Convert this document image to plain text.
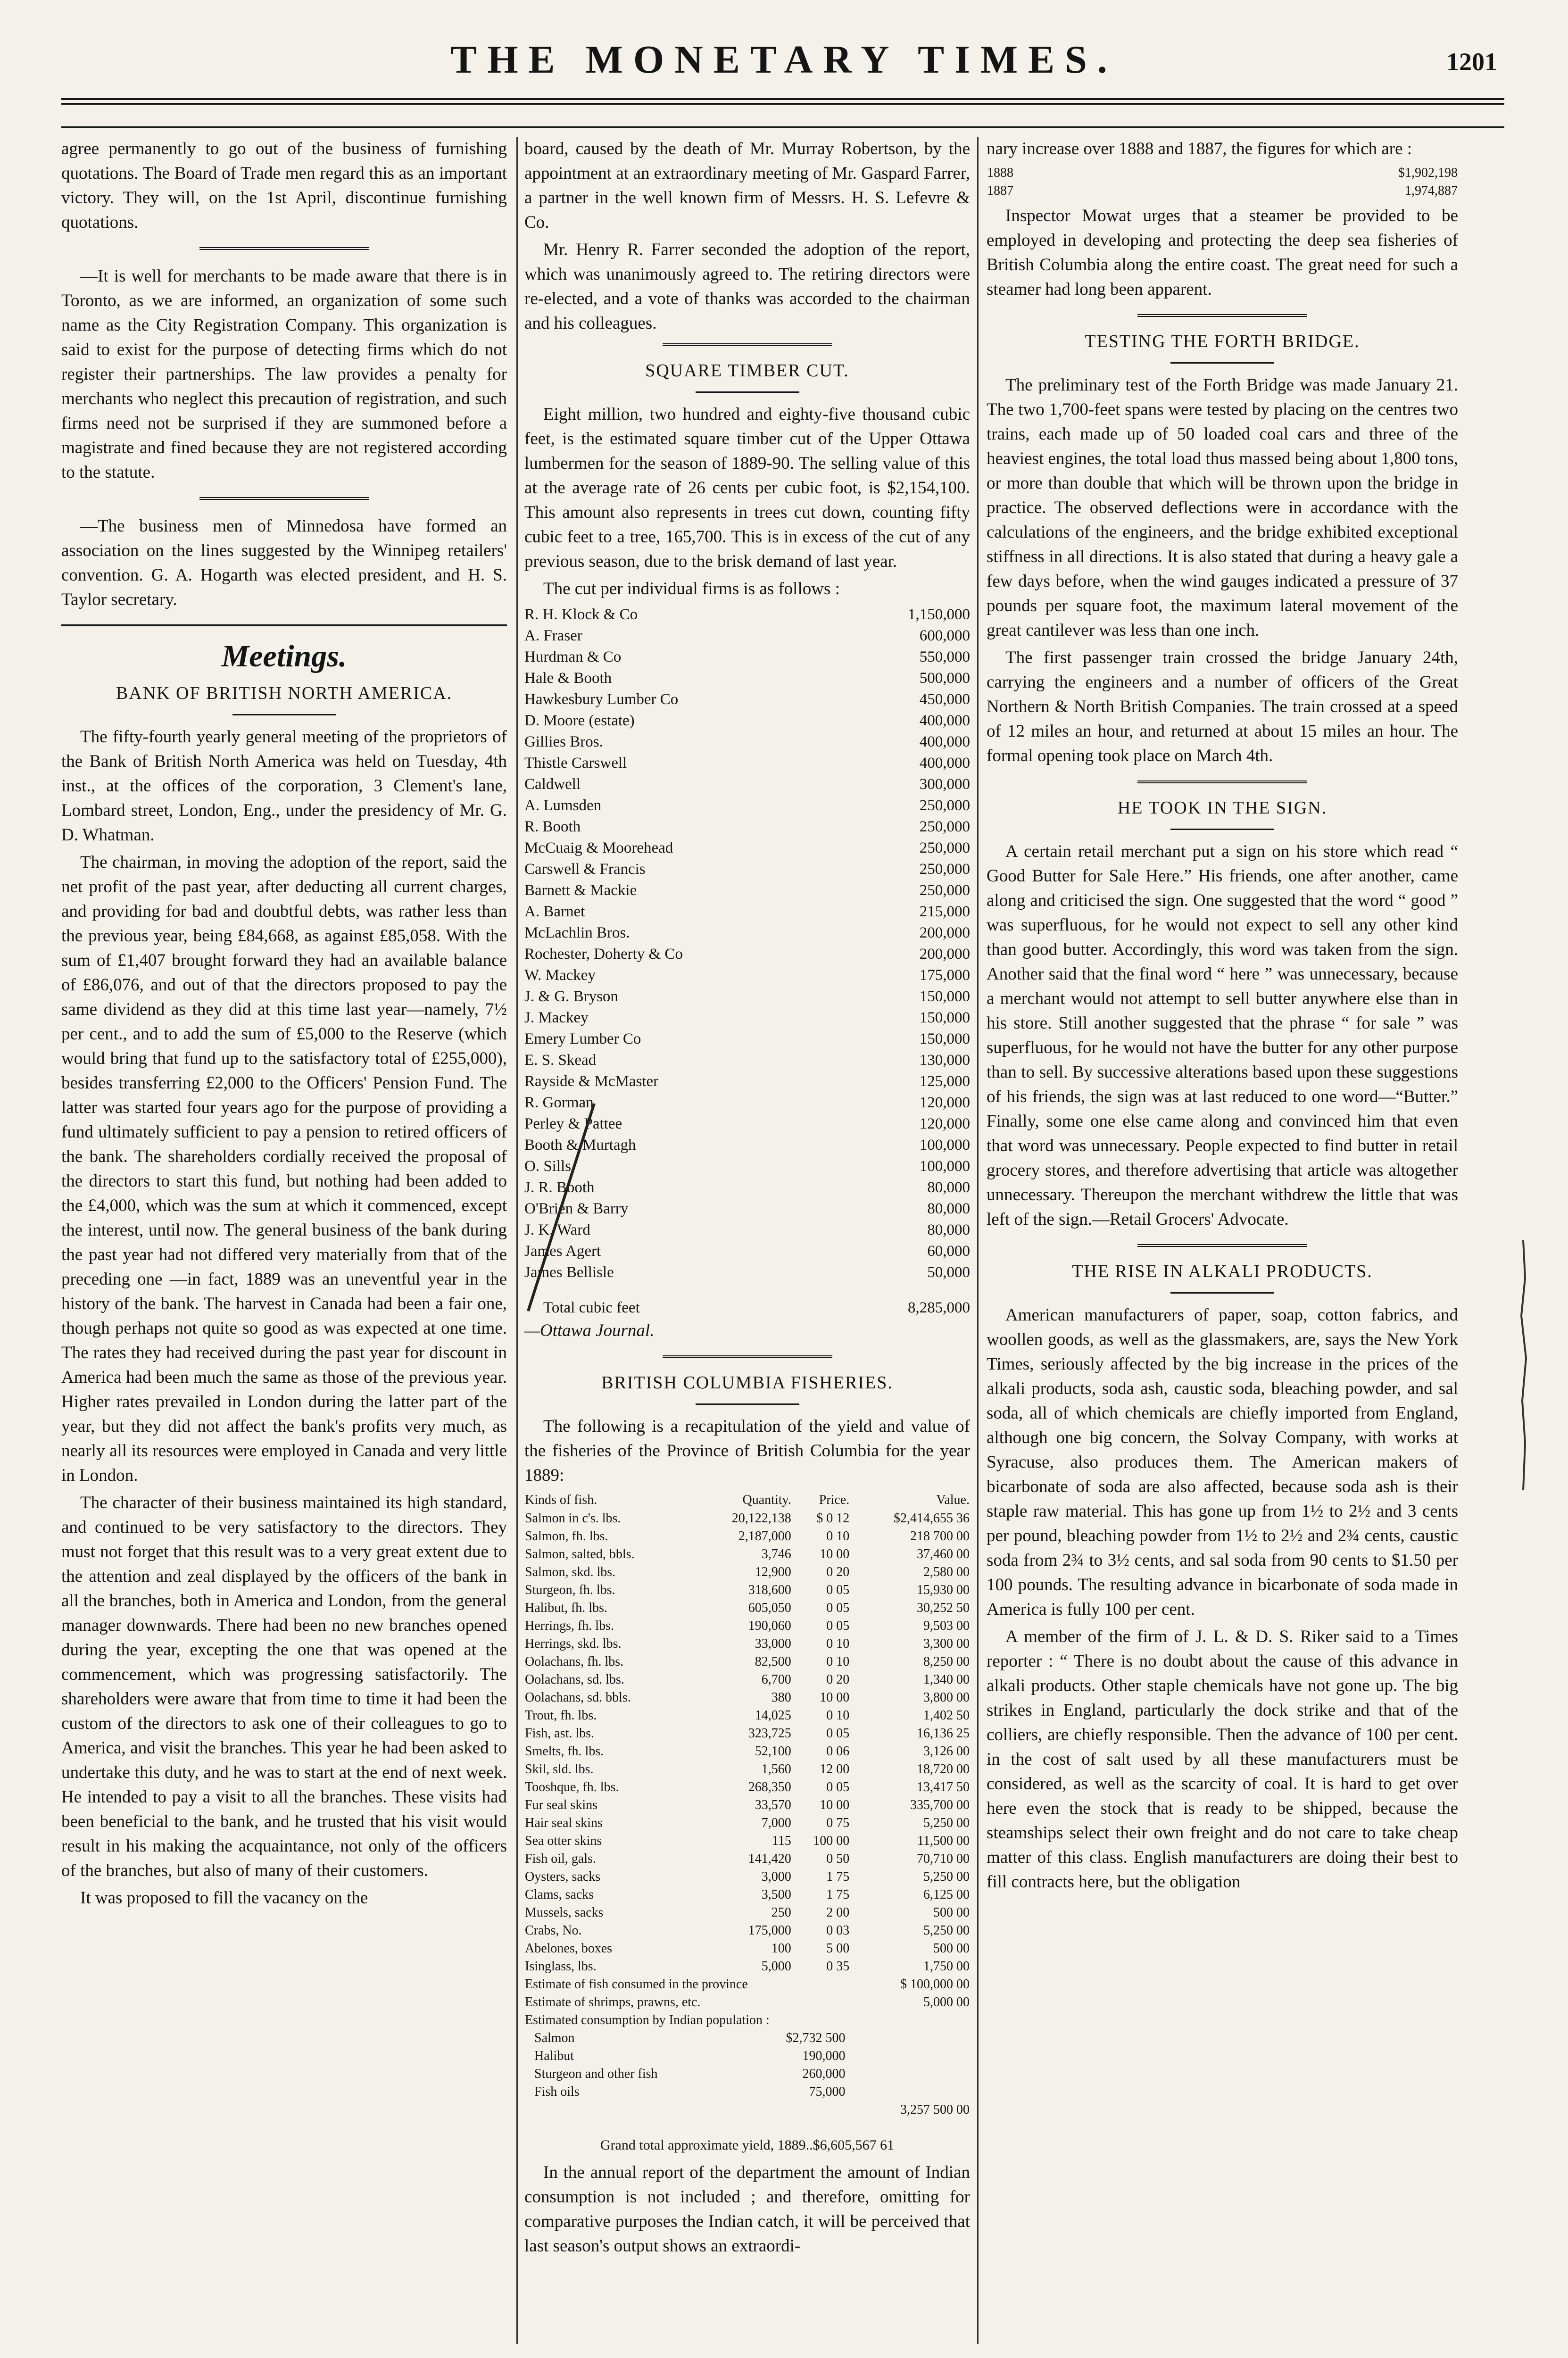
THE MONETARY TIMES.	1201

agree permanently to go out of the business of furnishing quotations. The Board of Trade men regard this as an important victory. They will, on the 1st April, discontinue furnishing quotations.

—It is well for merchants to be made aware that there is in Toronto, as we are informed, an organization of some such name as the City Registration Company. This organization is said to exist for the purpose of detecting firms which do not register their partnerships. The law provides a penalty for merchants who neglect this precaution of registration, and such firms need not be surprised if they are summoned before a magistrate and fined because they are not registered according to the statute.

—The business men of Minnedosa have formed an association on the lines suggested by the Winnipeg retailers' convention. G. A. Hogarth was elected president, and H. S. Taylor secretary.

Meetings.
BANK OF BRITISH NORTH AMERICA.

The fifty-fourth yearly general meeting of the proprietors of the Bank of British North America was held on Tuesday, 4th inst., at the offices of the corporation, 3 Clement's lane, Lombard street, London, Eng., under the presidency of Mr. G. D. Whatman.

The chairman, in moving the adoption of the report, said the net profit of the past year, after deducting all current charges, and providing for bad and doubtful debts, was rather less than the previous year, being £84,668, as against £85,058. With the sum of £1,407 brought forward they had an available balance of £86,076, and out of that the directors proposed to pay the same dividend as they did at this time last year—namely, 7½ per cent., and to add the sum of £5,000 to the Reserve (which would bring that fund up to the satisfactory total of £255,000), besides transferring £2,000 to the Officers' Pension Fund. The latter was started four years ago for the purpose of providing a fund ultimately sufficient to pay a pension to retired officers of the bank. The shareholders cordially received the proposal of the directors to start this fund, but nothing had been added to the £4,000, which was the sum at which it commenced, except the interest, until now. The general business of the bank during the past year had not differed very materially from that of the preceding one —in fact, 1889 was an uneventful year in the history of the bank. The harvest in Canada had been a fair one, though perhaps not quite so good as was expected at one time. The rates they had received during the past year for discount in America had been much the same as those of the previous year. Higher rates prevailed in London during the latter part of the year, but they did not affect the bank's profits very much, as nearly all its resources were employed in Canada and very little in London.

The character of their business maintained its high standard, and continued to be very satisfactory to the directors. They must not forget that this result was to a very great extent due to the attention and zeal displayed by the officers of the bank in all the branches, both in America and London, from the general manager downwards. There had been no new branches opened during the year, excepting the one that was opened at the commencement, which was progressing satisfactorily. The shareholders were aware that from time to time it had been the custom of the directors to ask one of their colleagues to go to America, and visit the branches. This year he had been asked to undertake this duty, and he was to start at the end of next week. He intended to pay a visit to all the branches. These visits had been beneficial to the bank, and he trusted that his visit would result in his making the acquaintance, not only of the officers of the branches, but also of many of their customers.

It was proposed to fill the vacancy on the

board, caused by the death of Mr. Murray Robertson, by the appointment at an extraordinary meeting of Mr. Gaspard Farrer, a partner in the well known firm of Messrs. H. S. Lefevre & Co.

Mr. Henry R. Farrer seconded the adoption of the report, which was unanimously agreed to. The retiring directors were re-elected, and a vote of thanks was accorded to the chairman and his colleagues.

SQUARE TIMBER CUT.

Eight million, two hundred and eighty-five thousand cubic feet, is the estimated square timber cut of the Upper Ottawa lumbermen for the season of 1889-90. The selling value of this at the average rate of 26 cents per cubic foot, is $2,154,100. This amount also represents in trees cut down, counting fifty cubic feet to a tree, 165,700. This is in excess of the cut of any previous season, due to the brisk demand of last year.

The cut per individual firms is as follows :

R. H. Klock & Co	1,150,000
A. Fraser	600,000
Hurdman & Co	550,000
Hale & Booth	500,000
Hawkesbury Lumber Co	450,000
D. Moore (estate)	400,000
Gillies Bros.	400,000
Thistle Carswell	400,000
Caldwell	300,000
A. Lumsden	250,000
R. Booth	250,000
McCuaig & Moorehead	250,000
Carswell & Francis	250,000
Barnett & Mackie	250,000
A. Barnet	215,000
McLachlin Bros.	200,000
Rochester, Doherty & Co	200,000
W. Mackey	175,000
J. & G. Bryson	150,000
J. Mackey	150,000
Emery Lumber Co	150,000
E. S. Skead	130,000
Rayside & McMaster	125,000
R. Gorman	120,000
Perley & Pattee	120,000
Booth & Murtagh	100,000
O. Sills	100,000
J. R. Booth	80,000
O'Brien & Barry	80,000
J. K. Ward	80,000
James Agert	60,000
James Bellisle	50,000
Total cubic feet	8,285,000

—Ottawa Journal.

BRITISH COLUMBIA FISHERIES.

The following is a recapitulation of the yield and value of the fisheries of the Province of British Columbia for the year 1889:

Kinds of fish.	Quantity.	Price.	Value.
Salmon in c's. lbs.	20,122,138	$ 0 12	$2,414,655 36
Salmon, fh. lbs.	2,187,000	0 10	218 700 00
Salmon, salted, bbls.	3,746	10 00	37,460 00
Salmon, skd. lbs.	12,900	0 20	2,580 00
Sturgeon, fh. lbs.	318,600	0 05	15,930 00
Halibut, fh. lbs.	605,050	0 05	30,252 50
Herrings, fh. lbs.	190,060	0 05	9,503 00
Herrings, skd. lbs.	33,000	0 10	3,300 00
Oolachans, fh. lbs.	82,500	0 10	8,250 00
Oolachans, sd. lbs.	6,700	0 20	1,340 00
Oolachans, sd. bbls.	380	10 00	3,800 00
Trout, fh. lbs.	14,025	0 10	1,402 50
Fish, ast. lbs.	323,725	0 05	16,136 25
Smelts, fh. lbs.	52,100	0 06	3,126 00
Skil, sld. lbs.	1,560	12 00	18,720 00
Tooshque, fh. lbs.	268,350	0 05	13,417 50
Fur seal skins	33,570	10 00	335,700 00
Hair seal skins	7,000	0 75	5,250 00
Sea otter skins	115	100 00	11,500 00
Fish oil, gals.	141,420	0 50	70,710 00
Oysters, sacks	3,000	1 75	5,250 00
Clams, sacks	3,500	1 75	6,125 00
Mussels, sacks	250	2 00	500 00
Crabs, No.	175,000	0 03	5,250 00
Abelones, boxes	100	5 00	500 00
Isinglass, lbs.	5,000	0 35	1,750 00
Estimate of fish consumed in the province	$ 100,000 00
Estimate of shrimps, prawns, etc.	5,000 00
Estimated consumption by Indian population :	
Salmon	$2,732 500
Halibut	190,000
Sturgeon and other fish	260,000
Fish oils	75,000
	3,257 500 00

Grand total approximate yield, 1889..$6,605,567 61

In the annual report of the department the amount of Indian consumption is not included ; and therefore, omitting for comparative purposes the Indian catch, it will be perceived that last season's output shows an extraordi-

nary increase over 1888 and 1887, the figures for which are :

1888	$1,902,198
1887	1,974,887

Inspector Mowat urges that a steamer be provided to be employed in developing and protecting the deep sea fisheries of British Columbia along the entire coast. The great need for such a steamer had long been apparent.

TESTING THE FORTH BRIDGE.

The preliminary test of the Forth Bridge was made January 21. The two 1,700-feet spans were tested by placing on the centres two trains, each made up of 50 loaded coal cars and three of the heaviest engines, the total load thus massed being about 1,800 tons, or more than double that which will be thrown upon the bridge in practice. The observed deflections were in accordance with the calculations of the engineers, and the bridge exhibited exceptional stiffness in all directions. It is also stated that during a heavy gale a few days before, when the wind gauges indicated a pressure of 37 pounds per square foot, the maximum lateral movement of the great cantilever was less than one inch.

The first passenger train crossed the bridge January 24th, carrying the engineers and a number of officers of the Great Northern & North British Companies. The train crossed at a speed of 12 miles an hour, and returned at about 15 miles an hour. The formal opening took place on March 4th.

HE TOOK IN THE SIGN.

A certain retail merchant put a sign on his store which read “ Good Butter for Sale Here.” His friends, one after another, came along and criticised the sign. One suggested that the word “ good ” was superfluous, for he would not expect to sell any other kind than good butter. Accordingly, this word was taken from the sign. Another said that the final word “ here ” was unnecessary, because a merchant would not attempt to sell butter anywhere else than in his store. Still another suggested that the phrase “ for sale ” was superfluous, for he would not have the butter for any other purpose than to sell. By successive alterations based upon these suggestions of his friends, the sign was at last reduced to one word—“Butter.” Finally, some one else came along and convinced him that even that word was unnecessary. People expected to find butter in retail grocery stores, and therefore advertising that article was altogether unnecessary. Thereupon the merchant withdrew the little that was left of the sign.—Retail Grocers' Advocate.

THE RISE IN ALKALI PRODUCTS.

American manufacturers of paper, soap, cotton fabrics, and woollen goods, as well as the glassmakers, are, says the New York Times, seriously affected by the big increase in the prices of the alkali products, soda ash, caustic soda, bleaching powder, and sal soda, all of which chemicals are chiefly imported from England, although one big concern, the Solvay Company, with works at Syracuse, also produces them. The American makers of bicarbonate of soda are also affected, because soda ash is their staple raw material. This has gone up from 1½ to 2½ and 3 cents per pound, bleaching powder from 1½ to 2½ and 2¾ cents, caustic soda from 2¾ to 3½ cents, and sal soda from 90 cents to $1.50 per 100 pounds. The resulting advance in bicarbonate of soda made in America is fully 100 per cent.

A member of the firm of J. L. & D. S. Riker said to a Times reporter : “ There is no doubt about the cause of this advance in alkali products. Other staple chemicals have not gone up. The big strikes in England, particularly the dock strike and that of the colliers, are chiefly responsible. Then the advance of 100 per cent. in the cost of salt used by all these manufacturers must be considered, as well as the scarcity of coal. It is hard to get over here even the stock that is ready to be shipped, because the steamships select their own freight and do not care to take cheap matter of this class. English manufacturers are doing their best to fill contracts here, but the obligation
